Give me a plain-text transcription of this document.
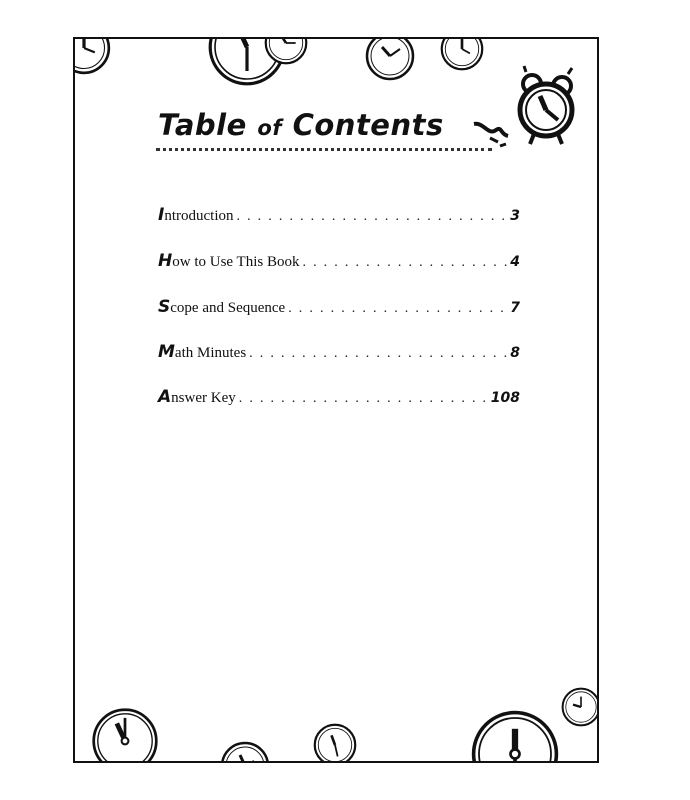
Table of Contents
I ntroduction . . .	3
H ow to Use This Book . . .	4
S cope and Sequence . . .	7
M ath Minutes . . .	8
A nswer Key . . .	108
